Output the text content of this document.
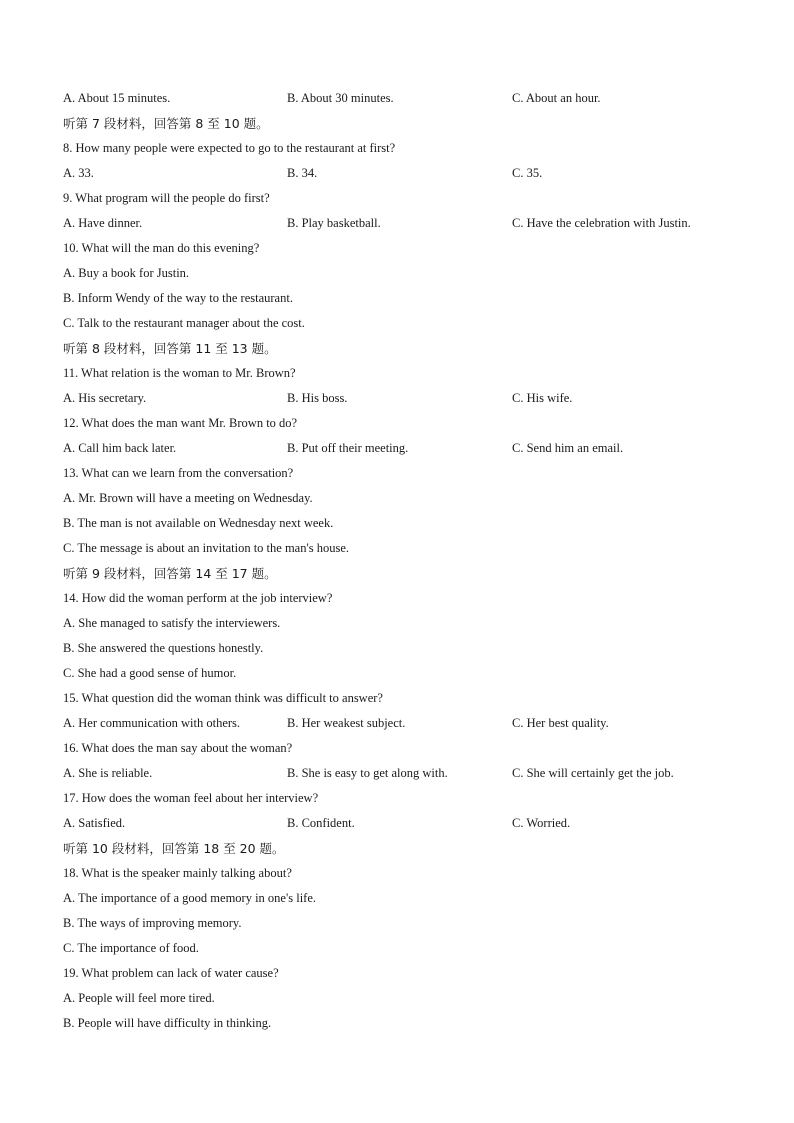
A. About 15 minutes.	B. About 30 minutes.	C. About an hour.
听第 7 段材料，回答第 8 至 10 题。
8. How many people were expected to go to the restaurant at first?
A. 33.	B. 34.	C. 35.
9. What program will the people do first?
A. Have dinner.	B. Play basketball.	C. Have the celebration with Justin.
10. What will the man do this evening?
A. Buy a book for Justin.
B. Inform Wendy of the way to the restaurant.
C. Talk to the restaurant manager about the cost.
听第 8 段材料，回答第 11 至 13 题。
11. What relation is the woman to Mr. Brown?
A. His secretary.	B. His boss.	C. His wife.
12. What does the man want Mr. Brown to do?
A. Call him back later.	B. Put off their meeting.	C. Send him an email.
13. What can we learn from the conversation?
A. Mr. Brown will have a meeting on Wednesday.
B. The man is not available on Wednesday next week.
C. The message is about an invitation to the man's house.
听第 9 段材料，回答第 14 至 17 题。
14. How did the woman perform at the job interview?
A. She managed to satisfy the interviewers.
B. She answered the questions honestly.
C. She had a good sense of humor.
15. What question did the woman think was difficult to answer?
A. Her communication with others.	B. Her weakest subject.	C. Her best quality.
16. What does the man say about the woman?
A. She is reliable.	B. She is easy to get along with.	C. She will certainly get the job.
17. How does the woman feel about her interview?
A. Satisfied.	B. Confident.	C. Worried.
听第 10 段材料，回答第 18 至 20 题。
18. What is the speaker mainly talking about?
A. The importance of a good memory in one's life.
B. The ways of improving memory.
C. The importance of food.
19. What problem can lack of water cause?
A. People will feel more tired.
B. People will have difficulty in thinking.
